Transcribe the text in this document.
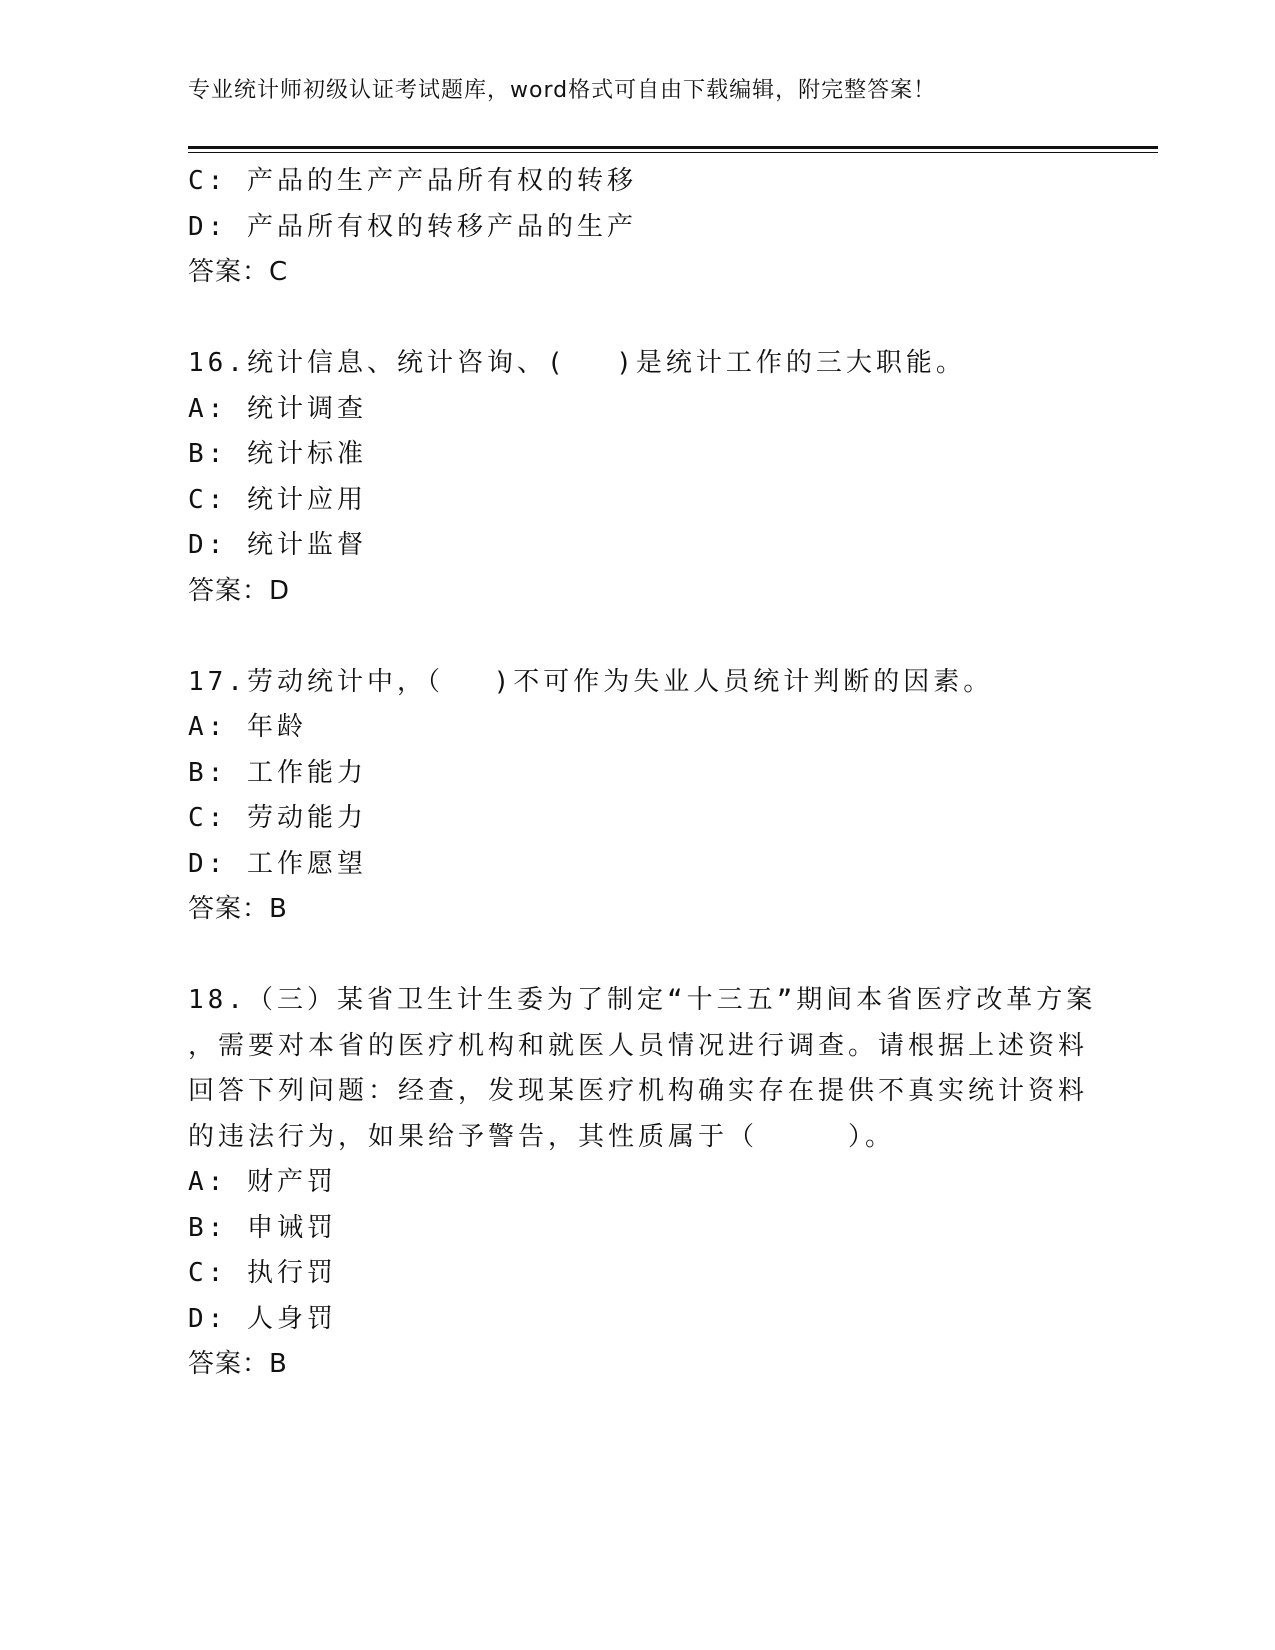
专业统计师初级认证考试题库，word格式可自由下载编辑，附完整答案！
C: 产品的生产产品所有权的转移
D: 产品所有权的转移产品的生产
答案：C
16.统计信息、统计咨询、(　 )是统计工作的三大职能。
A: 统计调查
B: 统计标准
C: 统计应用
D: 统计监督
答案：D
17.劳动统计中，（　 )不可作为失业人员统计判断的因素。
A: 年龄
B: 工作能力
C: 劳动能力
D: 工作愿望
答案：B
18.（三）某省卫生计生委为了制定“十三五”期间本省医疗改革方案
，需要对本省的医疗机构和就医人员情况进行调查。请根据上述资料
回答下列问题：经查，发现某医疗机构确实存在提供不真实统计资料
的违法行为，如果给予警告，其性质属于（　　　）。
A: 财产罚
B: 申诫罚
C: 执行罚
D: 人身罚
答案：B
